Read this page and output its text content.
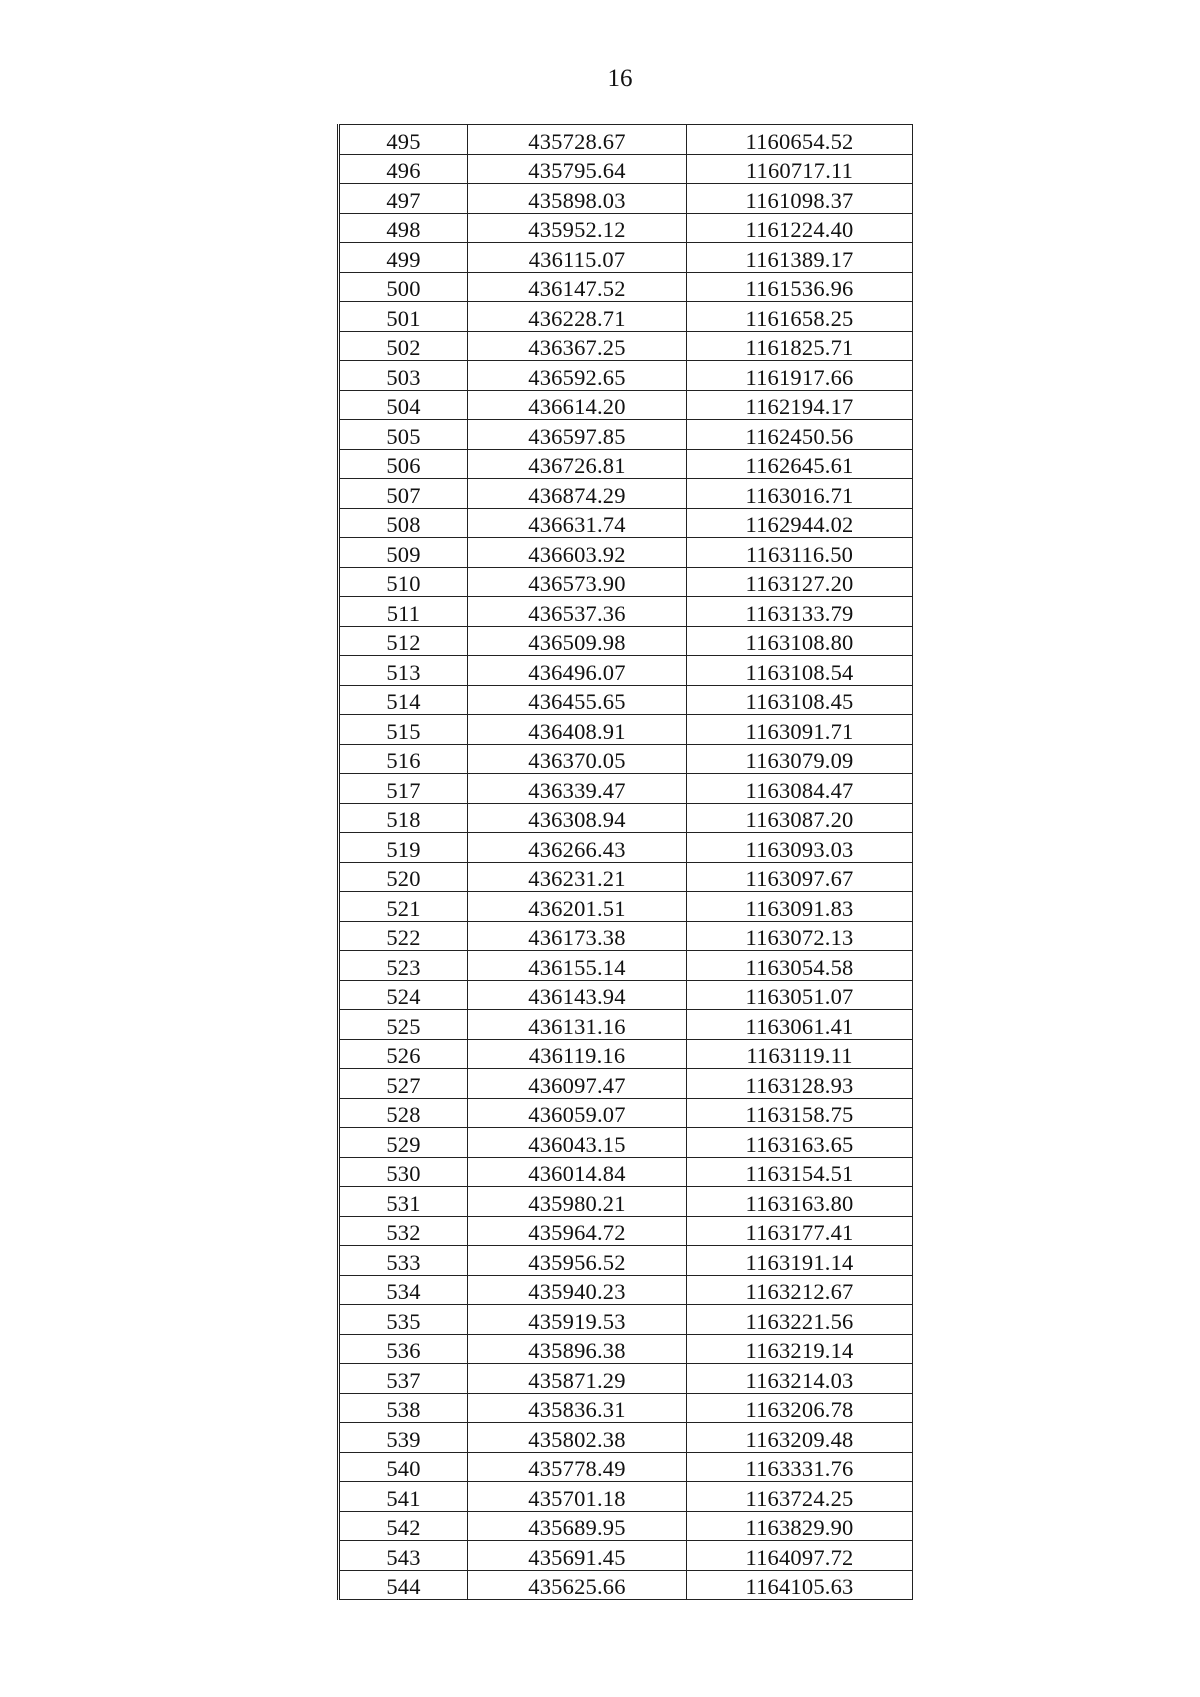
16
495	435728.67	1160654.52
496	435795.64	1160717.11
497	435898.03	1161098.37
498	435952.12	1161224.40
499	436115.07	1161389.17
500	436147.52	1161536.96
501	436228.71	1161658.25
502	436367.25	1161825.71
503	436592.65	1161917.66
504	436614.20	1162194.17
505	436597.85	1162450.56
506	436726.81	1162645.61
507	436874.29	1163016.71
508	436631.74	1162944.02
509	436603.92	1163116.50
510	436573.90	1163127.20
511	436537.36	1163133.79
512	436509.98	1163108.80
513	436496.07	1163108.54
514	436455.65	1163108.45
515	436408.91	1163091.71
516	436370.05	1163079.09
517	436339.47	1163084.47
518	436308.94	1163087.20
519	436266.43	1163093.03
520	436231.21	1163097.67
521	436201.51	1163091.83
522	436173.38	1163072.13
523	436155.14	1163054.58
524	436143.94	1163051.07
525	436131.16	1163061.41
526	436119.16	1163119.11
527	436097.47	1163128.93
528	436059.07	1163158.75
529	436043.15	1163163.65
530	436014.84	1163154.51
531	435980.21	1163163.80
532	435964.72	1163177.41
533	435956.52	1163191.14
534	435940.23	1163212.67
535	435919.53	1163221.56
536	435896.38	1163219.14
537	435871.29	1163214.03
538	435836.31	1163206.78
539	435802.38	1163209.48
540	435778.49	1163331.76
541	435701.18	1163724.25
542	435689.95	1163829.90
543	435691.45	1164097.72
544	435625.66	1164105.63
